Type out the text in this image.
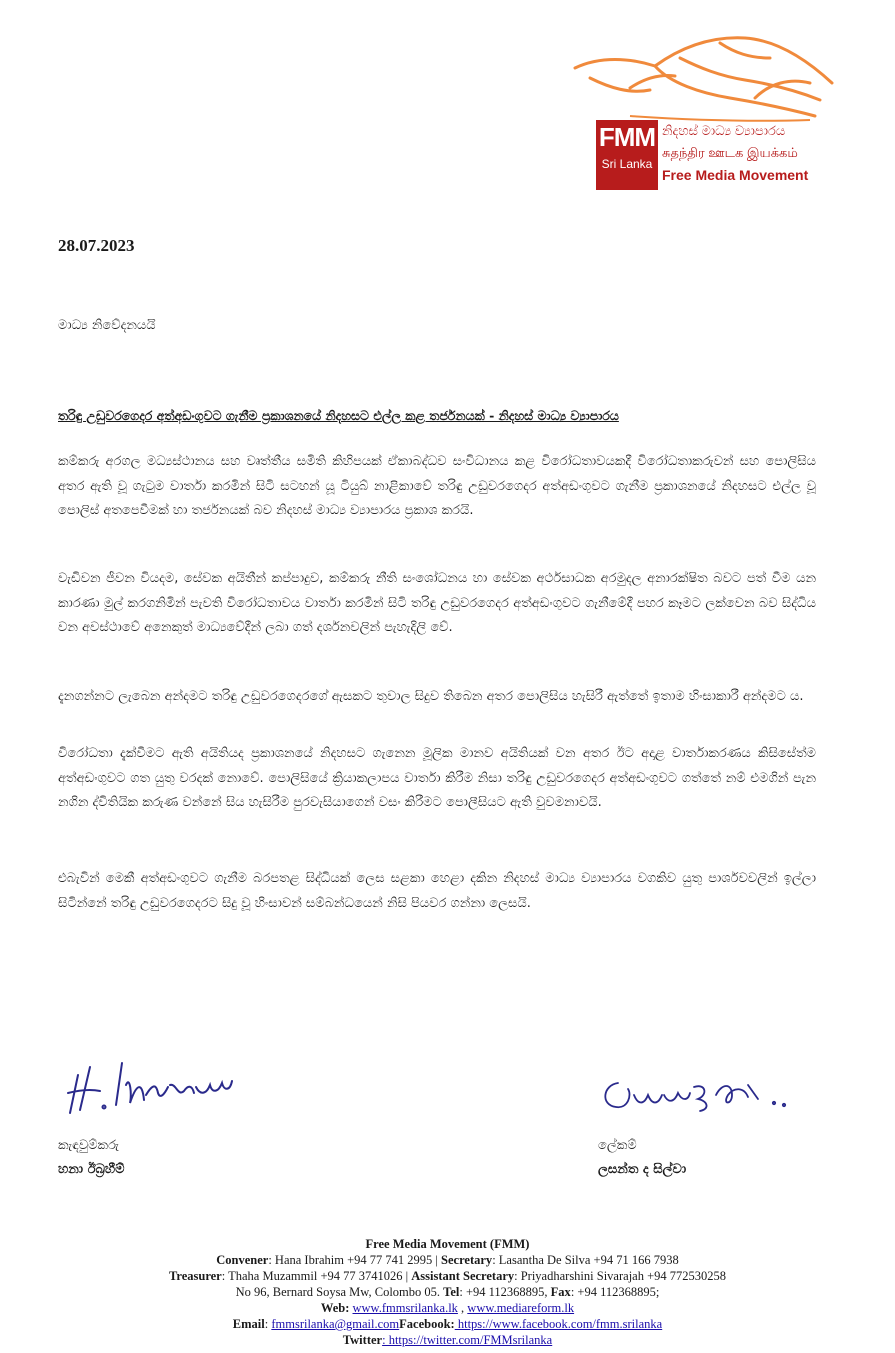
FMM
Sri Lanka
නිදහස් මාධ්‍ය ව්‍යාපාරය
சுதந்திர ஊடக இயக்கம்
Free Media Movement
28.07.2023
මාධ්‍ය නිවේදනයයි
තරිඳු උඩුවරගෙදර අත්අඩංගුවට ගැනීම ප්‍රකාශනයේ නිදහසට එල්ල කළ තර්ජනයක් - නිදහස් මාධ්‍ය ව්‍යාපාරය

කම්කරු අරගල මධ්‍යස්ථානය සහ වෘත්තීය සමිති කිහිපයක් ඒකාබද්ධව සංවිධානය කළ විරෝධතාවයකදී විරෝධතාකරුවන් සහ පොලිසිය අතර ඇති වූ ගැටුම වාර්තා කරමින් සිටි සටහන් යූ ටියුබ් නාළිකාවේ තරිඳු උඩුවරගෙදර අත්අඩංගුවට ගැනීම ප්‍රකාශනයේ නිදහසට එල්ල වූ පොලිස් අතපෙවීමක් හා තර්ජනයක් බව නිදහස් මාධ්‍ය ව්‍යාපාරය ප්‍රකාශ කරයි.

වැඩිවන ජීවන වියදම, සේවක අයිතීන් කප්පාදුව, කම්කරු නීති සංශෝධනය හා සේවක අර්ථසාධක අරමුදල අනාරක්ෂිත බවට පත් වීම යන කාරණා මුල් කරගනිමින් පැවති විරෝධතාවය වාර්තා කරමින් සිටි තරිඳු උඩුවරගෙදර අත්අඩංගුවට ගැනීමේදී පහර කෑමට ලක්වෙන බව සිද්ධිය වන අවස්ථාවේ අනෙකුත් මාධ්‍යවේදීන් ලබා ගත් දර්ශනවලින් පැහැදිලි වේ.

දැනගන්නට ලැබෙන අන්දමට තරිඳු උඩුවරගෙදරගේ ඇසකට තුවාල සිදුව තිබෙන අතර පොලිසිය හැසිරී ඇත්තේ ඉතාම හිංසාකාරී අන්දමට ය.

විරෝධතා දැක්වීමට ඇති අයිතියද ප්‍රකාශනයේ නිදහසට ගැනෙන මූලික මානව අයිතියක් වන අතර ඊට අදාළ වාර්තාකරණය කිසිසේත්ම අත්අඩංගුවට ගත යුතු වරදක් නොවේ. පොලිසියේ ක්‍රියාකලාපය වාර්තා කිරීම නිසා තරිඳු උඩුවරගෙදර අත්අඩංගුවට ගත්තේ නම් එමගින් පැන නගින ද්විතියික කරුණ වන්නේ සිය හැසිරීම පුරවැසියාගෙන් වසං කිරීමට පොලීසියට ඇති වුවමනාවයි.

එබැවින් මෙකී අත්අඩංගුවට ගැනීම බරපතළ සිද්ධියක් ලෙස සළකා හෙළා දකින නිදහස් මාධ්‍ය ව්‍යාපාරය වගකිව යුතු පාර්ශවවලින් ඉල්ලා සිටින්නේ තරිඳු උඩුවරගෙදරට සිදු වූ හිංසාවන් සම්බන්ධයෙන් නිසි පියවර ගන්නා ලෙසයි.

කැඳවුම්කරු	ලේකම්
හනා ඊබ්‍රහීම්	ලසන්ත ද සිල්වා
Free Media Movement (FMM)
Convener: Hana Ibrahim +94 77 741 2995 | Secretary: Lasantha De Silva +94 71 166 7938
Treasurer: Thaha Muzammil +94 77 3741026 | Assistant Secretary: Priyadharshini Sivarajah +94 772530258
No 96, Bernard Soysa Mw, Colombo 05. Tel: +94 112368895, Fax: +94 112368895;
Web: www.fmmsrilanka.lk , www.mediareform.lk
Email: fmmsrilanka@gmail.comFacebook: https://www.facebook.com/fmm.srilanka
Twitter: https://twitter.com/FMMsrilanka
